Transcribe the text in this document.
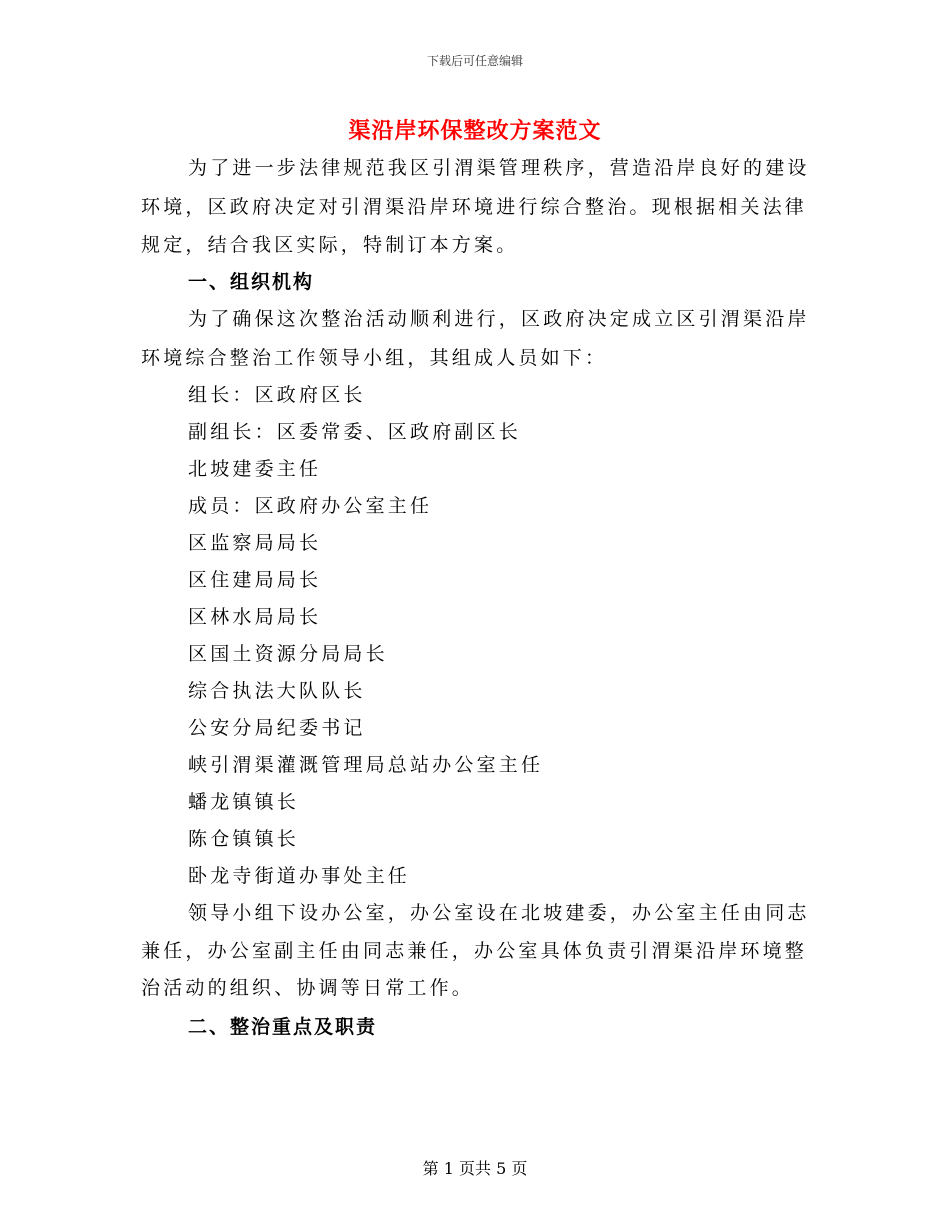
下载后可任意编辑
渠沿岸环保整改方案范文
为了进一步法律规范我区引渭渠管理秩序，营造沿岸良好的建设
环境，区政府决定对引渭渠沿岸环境进行综合整治。现根据相关法律
规定，结合我区实际，特制订本方案。
一、组织机构
为了确保这次整治活动顺利进行，区政府决定成立区引渭渠沿岸
环境综合整治工作领导小组，其组成人员如下：
组长：区政府区长
副组长：区委常委、区政府副区长
北坡建委主任
成员：区政府办公室主任
区监察局局长
区住建局局长
区林水局局长
区国土资源分局局长
综合执法大队队长
公安分局纪委书记
峡引渭渠灌溉管理局总站办公室主任
蟠龙镇镇长
陈仓镇镇长
卧龙寺街道办事处主任
领导小组下设办公室，办公室设在北坡建委，办公室主任由同志
兼任，办公室副主任由同志兼任，办公室具体负责引渭渠沿岸环境整
治活动的组织、协调等日常工作。
二、整治重点及职责
第 1 页共 5 页
